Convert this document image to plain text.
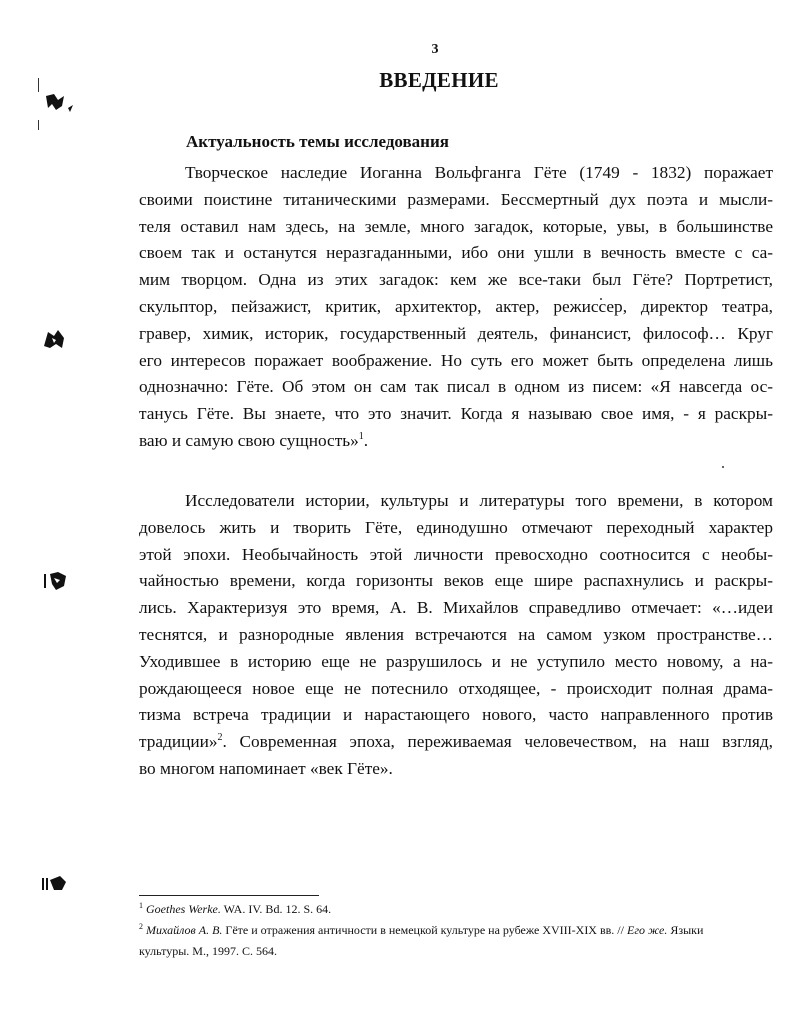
3
ВВЕДЕНИЕ
Актуальность темы исследования
Творческое наследие Иоганна Вольфганга Гёте (1749 - 1832) поражает
своими поистине титаническими размерами. Бессмертный дух поэта и мысли-
теля оставил нам здесь, на земле, много загадок, которые, увы, в большинстве
своем так и останутся неразгаданными, ибо они ушли в вечность вместе с са-
мим творцом. Одна из этих загадок: кем же все-таки был Гёте? Портретист,
скульптор, пейзажист, критик, архитектор, актер, режиссер, директор театра,
гравер, химик, историк, государственный деятель, финансист, философ… Круг
его интересов поражает воображение. Но суть его может быть определена лишь
однозначно: Гёте. Об этом он сам так писал в одном из писем: «Я навсегда ос-
танусь Гёте. Вы знаете, что это значит. Когда я называю свое имя, - я раскры-
ваю и самую свою сущность»$^1$.
Исследователи истории, культуры и литературы того времени, в котором
довелось жить и творить Гёте, единодушно отмечают переходный характер
этой эпохи. Необычайность этой личности превосходно соотносится с необы-
чайностью времени, когда горизонты веков еще шире распахнулись и раскры-
лись. Характеризуя это время, А. В. Михайлов справедливо отмечает: «…идеи
теснятся, и разнородные явления встречаются на самом узком пространстве…
Уходившее в историю еще не разрушилось и не уступило место новому, а на-
рождающееся новое еще не потеснило отходящее, - происходит полная драма-
тизма встреча традиции и нарастающего нового, часто направленного против
традиции»$^2$. Современная эпоха, переживаемая человечеством, на наш взгляд,
во многом напоминает «век Гёте».
$^1$ Goethes Werke. WA. IV. Bd. 12. S. 64.
$^2$ Михайлов А. В. Гёте и отражения античности в немецкой культуре на рубеже XVIII-XIX вв. // Его же. Языки
культуры. М., 1997. С. 564.
